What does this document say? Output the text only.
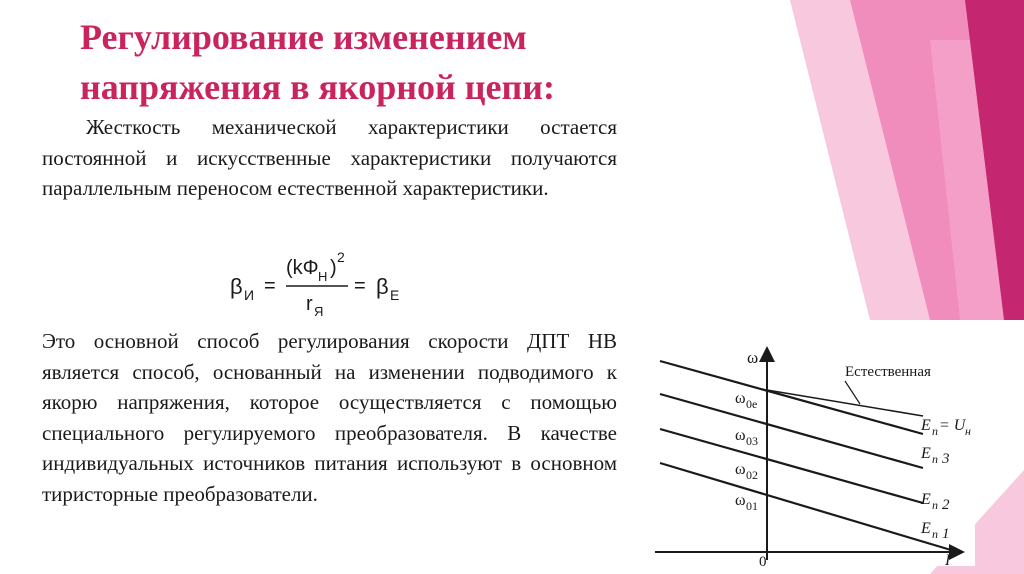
Регулирование изменением
напряжения в якорной цепи:
Жесткость механической характеристики остается постоянной и искусственные характеристики получаются параллельным переносом естественной характеристики.
β И =
(kΦ Н ) 2
r Я
= β Е
Это основной способ регулирования скорости ДПТ НВ является способ, основанный на изменении подводимого к якорю напряжения, которое осуществляется с помощью специального регулируемого преобразователя. В качестве индивидуальных источников питания используют в основном тиристорные преобразователи.
ω
I
0
Естественная
ω 0е
ω 03
ω 02
ω 01
E п = U н
E п 3
E п 2
E п 1
